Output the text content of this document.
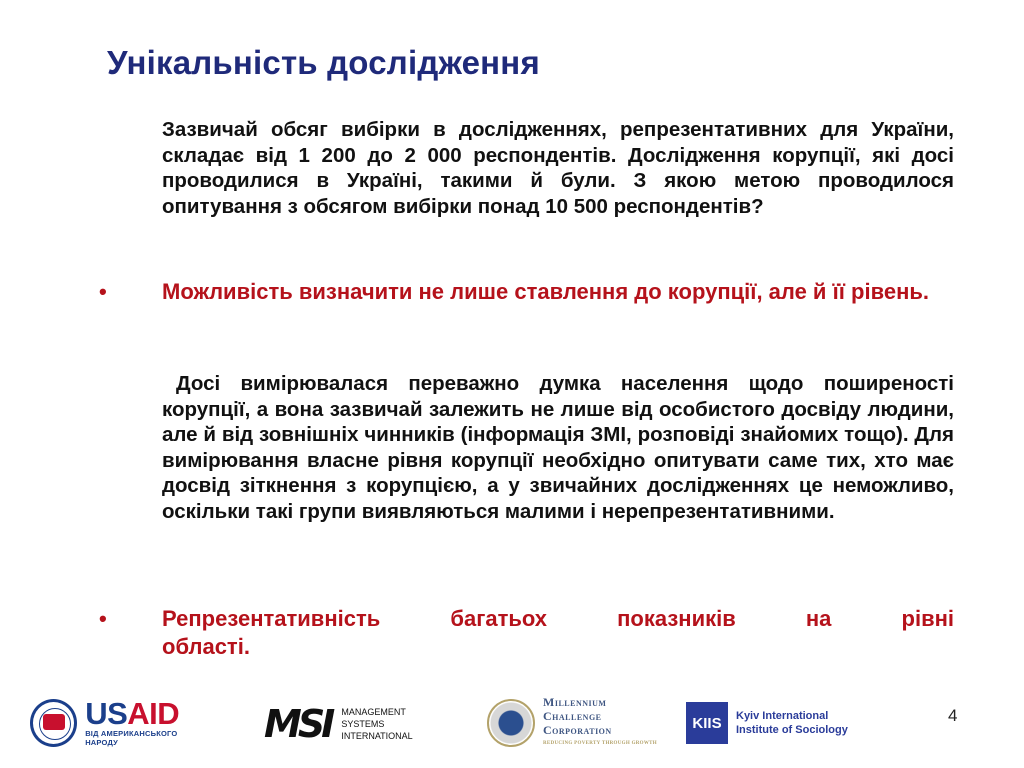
Унікальність дослідження

Зазвичай обсяг вибірки в дослідженнях, репрезентативних для України, складає від 1 200 до 2 000 респондентів. Дослідження корупції, які досі проводилися в Україні, такими й були. З якою метою проводилося опитування з обсягом вибірки понад 10 500 респондентів?

•	Можливість визначити не лише ставлення до корупції, але й її рівень.

Досі вимірювалася переважно думка населення щодо поширеності корупції, а вона зазвичай залежить не лише від особистого досвіду людини, але й від зовнішніх чинників (інформація ЗМІ, розповіді знайомих тощо). Для вимірювання власне рівня корупції необхідно опитувати саме тих, хто має досвід зіткнення з корупцією, а у звичайних дослідженнях це неможливо, оскільки такі групи виявляються малими і нерепрезентативними.

•	Репрезентативність багатьох показників на рівні
області.
USAID
ВІД АМЕРИКАНСЬКОГО НАРОДУ	MSI MANAGEMENT
SYSTEMS
INTERNATIONAL
Millennium
Challenge
Corporation
REDUCING POVERTY THROUGH GROWTH
KIIS	Kyiv International
Institute of Sociology
4
